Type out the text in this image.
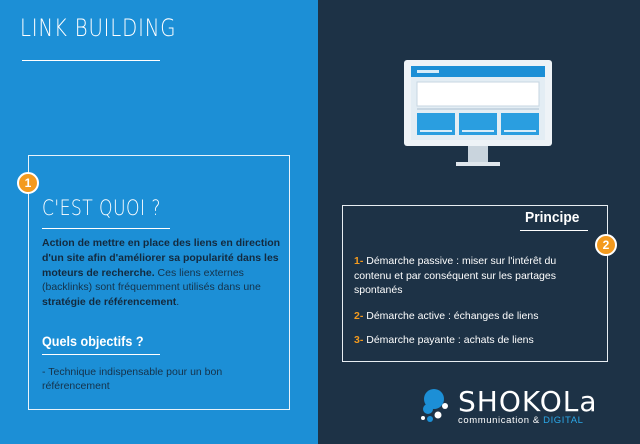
LINK BUILDING
1
C'EST QUOI ?
Action de mettre en place des liens en direction d'un site afin d'améliorer sa popularité dans les moteurs de recherche. Ces liens externes (backlinks) sont fréquemment utilisés dans une stratégie de référencement.
Quels objectifs ?
- Technique indispensable pour un bon référencement
Principe
2
1- Démarche passive : miser sur l'intérêt du contenu et par conséquent sur les partages spontanés
2- Démarche active : échanges de liens
3- Démarche payante : achats de liens
SHOKOLa
communication & DIGITAL
